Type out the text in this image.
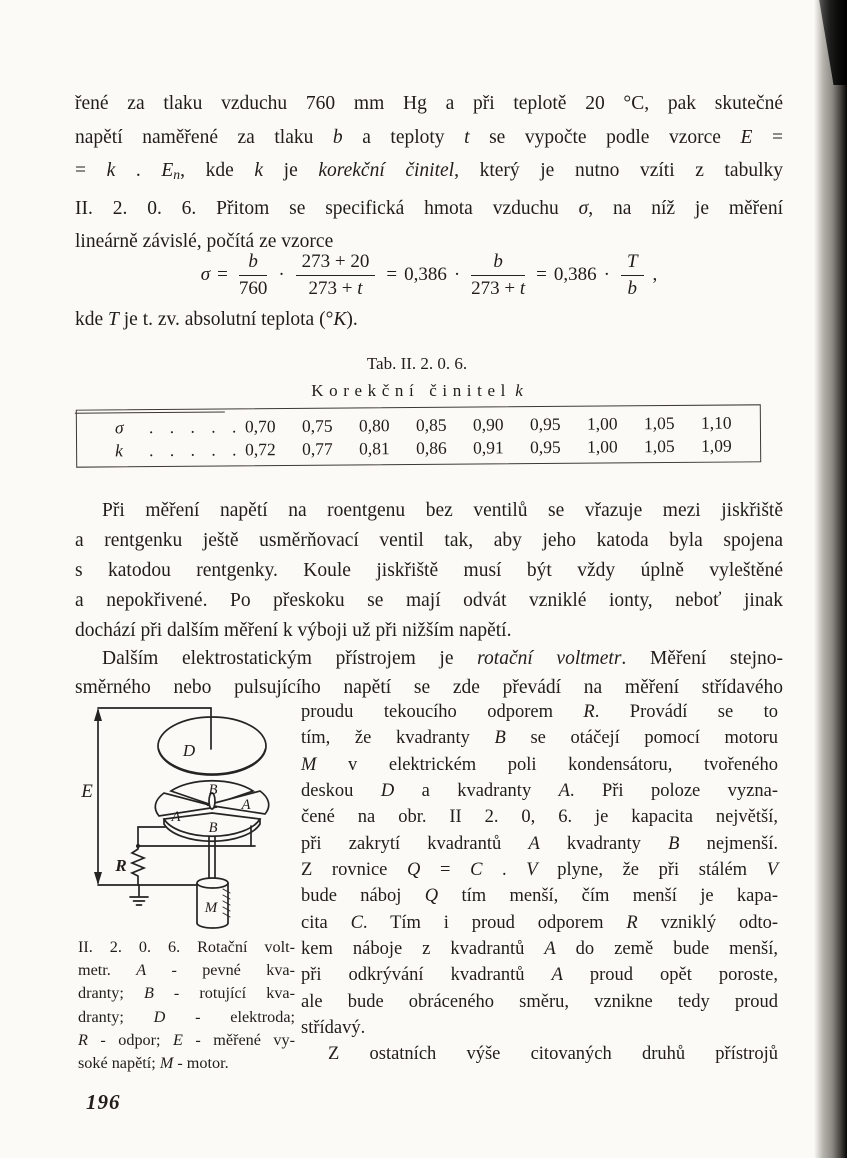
řené za tlaku vzduchu 760 mm Hg a při teplotě 20 °C, pak skutečné
napětí naměřené za tlaku b a teploty t se vypočte podle vzorce E =
= k . En, kde k je korekční činitel, který je nutno vzíti z tabulky
II. 2. 0. 6. Přitom se specifická hmota vzduchu σ, na níž je měření
lineárně závislé, počítá ze vzorce
$\sigma = \frac{b}{760} \cdot \frac{273 + 20}{273 + t} = 0,386 \cdot \frac{b}{273 + t} = 0,386 \cdot \frac{T}{b}$ ,
kde T je t. zv. absolutní teplota (°K).
Tab. II. 2. 0. 6.
Korekční činitel k
σ . . . . . 0,70 0,75 0,80 0,85 0,90 0,95 1,00 1,05 1,10
k . . . . . 0,72 0,77 0,81 0,86 0,91 0,95 1,00 1,05 1,09
Při měření napětí na roentgenu bez ventilů se vřazuje mezi jiskřiště
a rentgenku ještě usměrňovací ventil tak, aby jeho katoda byla spojena
s katodou rentgenky. Koule jiskřiště musí být vždy úplně vyleštěné
a nepokřivené. Po přeskoku se mají odvát vzniklé ionty, neboť jinak
dochází při dalším měření k výboji už při nižším napětí.
Dalším elektrostatickým přístrojem je rotační voltmetr. Měření stejno-
směrného nebo pulsujícího napětí se zde převádí na měření střídavého
E
D
B
A
A
B
R
M
II. 2. 0. 6. Rotační volt-
metr. A - pevné kva-
dranty; B - rotující kva-
dranty; D - elektroda;
R - odpor; E - měřené vy-
soké napětí; M - motor.
proudu tekoucího odporem R. Provádí se to
tím, že kvadranty B se otáčejí pomocí motoru
M v elektrickém poli kondensátoru, tvořeného
deskou D a kvadranty A. Při poloze vyzna-
čené na obr. II 2. 0, 6. je kapacita největší,
při zakrytí kvadrantů A kvadranty B nejmenší.
Z rovnice Q = C . V plyne, že při stálém V
bude náboj Q tím menší, čím menší je kapa-
cita C. Tím i proud odporem R vzniklý odto-
kem náboje z kvadrantů A do země bude menší,
při odkrývání kvadrantů A proud opět poroste,
ale bude obráceného směru, vznikne tedy proud
střídavý.
Z ostatních výše citovaných druhů přístrojů
196
